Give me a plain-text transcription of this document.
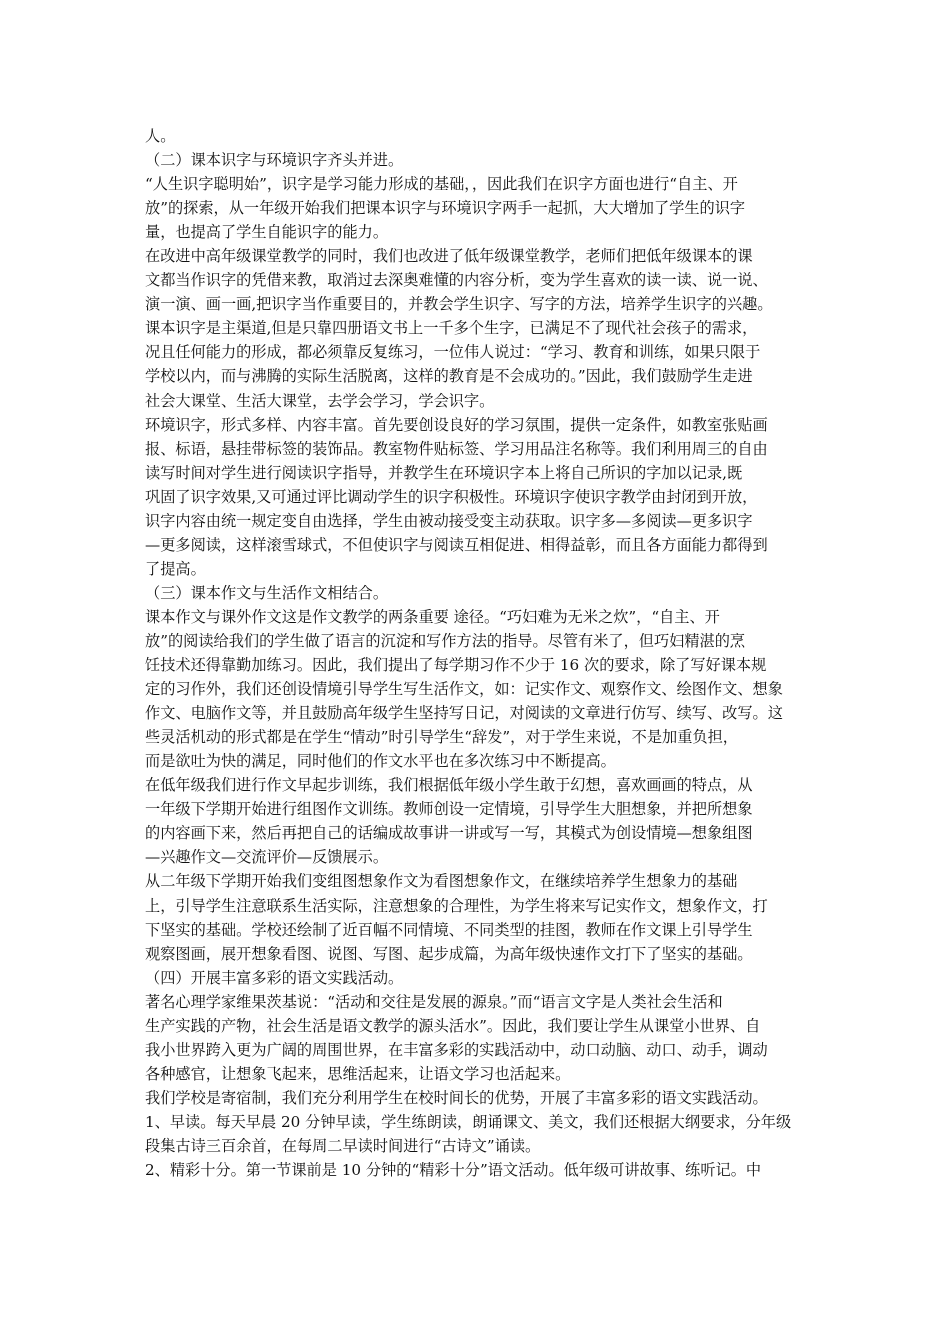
人。
（二）课本识字与环境识字齐头并进。
“人生识字聪明始”，识字是学习能力形成的基础，，因此我们在识字方面也进行“自主、开
放”的探索，从一年级开始我们把课本识字与环境识字两手一起抓，大大增加了学生的识字
量，也提高了学生自能识字的能力。
在改进中高年级课堂教学的同时，我们也改进了低年级课堂教学，老师们把低年级课本的课
文都当作识字的凭借来教，取消过去深奥难懂的内容分析，变为学生喜欢的读一读、说一说、
演一演、画一画,把识字当作重要目的，并教会学生识字、写字的方法，培养学生识字的兴趣。
课本识字是主渠道,但是只靠四册语文书上一千多个生字，已满足不了现代社会孩子的需求，
况且任何能力的形成，都必须靠反复练习，一位伟人说过：“学习、教育和训练，如果只限于
学校以内，而与沸腾的实际生活脱离，这样的教育是不会成功的。”因此，我们鼓励学生走进
社会大课堂、生活大课堂，去学会学习，学会识字。
环境识字，形式多样、内容丰富。首先要创设良好的学习氛围，提供一定条件，如教室张贴画
报、标语，悬挂带标签的装饰品。教室物件贴标签、学习用品注名称等。我们利用周三的自由
读写时间对学生进行阅读识字指导，并教学生在环境识字本上将自己所识的字加以记录,既
巩固了识字效果,又可通过评比调动学生的识字积极性。环境识字使识字教学由封闭到开放，
识字内容由统一规定变自由选择，学生由被动接受变主动获取。识字多—多阅读—更多识字
—更多阅读，这样滚雪球式，不但使识字与阅读互相促进、相得益彰，而且各方面能力都得到
了提高。
（三）课本作文与生活作文相结合。
课本作文与课外作文这是作文教学的两条重要 途径。“巧妇难为无米之炊”，“自主、开
放”的阅读给我们的学生做了语言的沉淀和写作方法的指导。尽管有米了，但巧妇精湛的烹
饪技术还得靠勤加练习。因此，我们提出了每学期习作不少于 16 次的要求，除了写好课本规
定的习作外，我们还创设情境引导学生写生活作文，如：记实作文、观察作文、绘图作文、想象
作文、电脑作文等，并且鼓励高年级学生坚持写日记，对阅读的文章进行仿写、续写、改写。这
些灵活机动的形式都是在学生“情动”时引导学生“辞发”，对于学生来说，不是加重负担，
而是欲吐为快的满足，同时他们的作文水平也在多次练习中不断提高。
在低年级我们进行作文早起步训练，我们根据低年级小学生敢于幻想，喜欢画画的特点，从
一年级下学期开始进行组图作文训练。教师创设一定情境，引导学生大胆想象，并把所想象
的内容画下来，然后再把自己的话编成故事讲一讲或写一写，其模式为创设情境—想象组图
—兴趣作文—交流评价—反馈展示。
从二年级下学期开始我们变组图想象作文为看图想象作文，在继续培养学生想象力的基础
上，引导学生注意联系生活实际，注意想象的合理性，为学生将来写记实作文，想象作文，打
下坚实的基础。学校还绘制了近百幅不同情境、不同类型的挂图，教师在作文课上引导学生
观察图画，展开想象看图、说图、写图、起步成篇，为高年级快速作文打下了坚实的基础。
（四）开展丰富多彩的语文实践活动。
著名心理学家维果茨基说：“活动和交往是发展的源泉。”而“语言文字是人类社会生活和
生产实践的产物，社会生活是语文教学的源头活水”。因此，我们要让学生从课堂小世界、自
我小世界跨入更为广阔的周围世界，在丰富多彩的实践活动中，动口动脑、动口、动手，调动
各种感官，让想象飞起来，思维活起来，让语文学习也活起来。
我们学校是寄宿制，我们充分利用学生在校时间长的优势，开展了丰富多彩的语文实践活动。
1、早读。每天早晨 20 分钟早读，学生练朗读，朗诵课文、美文，我们还根据大纲要求，分年级
段集古诗三百余首，在每周二早读时间进行“古诗文”诵读。
2、精彩十分。第一节课前是 10 分钟的“精彩十分”语文活动。低年级可讲故事、练听记。中
